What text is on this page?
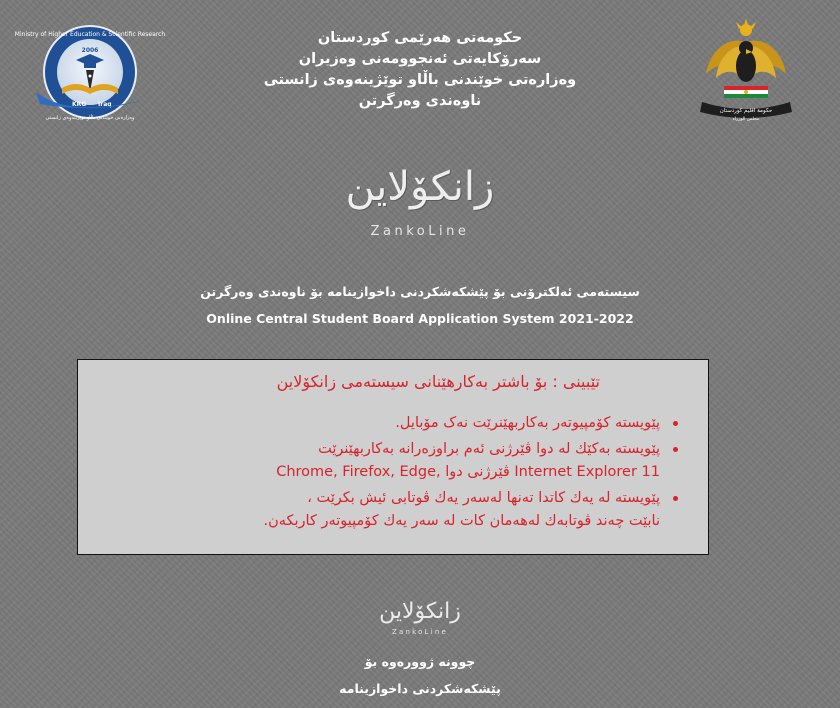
Ministry of Higher Education & Scientific Research
2006
KRG Iraq
وەزارەتی خوێندنی باڵاو توێژینەوەی زانستی
حكومة اقليم كوردستان
مجلس الوزراء
حکومەتی هەرێمی کوردستان
سەرۆکایەتی ئەنجوومەنی وەزیران
وەزارەتی خوێندنی باڵاو توێژینەوەی زانستی
ناوەندی وەرگرتن
زانکۆلاین
ZankoLine
سیستەمی ئەلکترۆنی بۆ پێشکەشکردنی داخوازینامە بۆ ناوەندی وەرگرتن
Online Central Student Board Application System 2021-2022
تێبینی : بۆ باشتر بەکارهێنانی سیستەمی زانکۆلاین
پێویستە کۆمپیوتەر بەکاربهێنرێت نەک مۆبایل.
پێویستە بەکێك لە دوا ڤێرژنی ئەم براوزەرانە بەکاربهێنرێت
Internet Explorer 11 ڤێرژنی دوا ,Chrome, Firefox, Edge
پێویستە لە یەك کاتدا تەنها لەسەر یەك ڤوتابی ئیش بکرێت ،
نابێت چەند ڤوتابەك لەهەمان کات لە سەر یەك کۆمپیوتەر کاربکەن.
زانکۆلاین
ZankoLine
چوونە ژوورەوە بۆ
پێشکەشکردنی داخوازینامە
